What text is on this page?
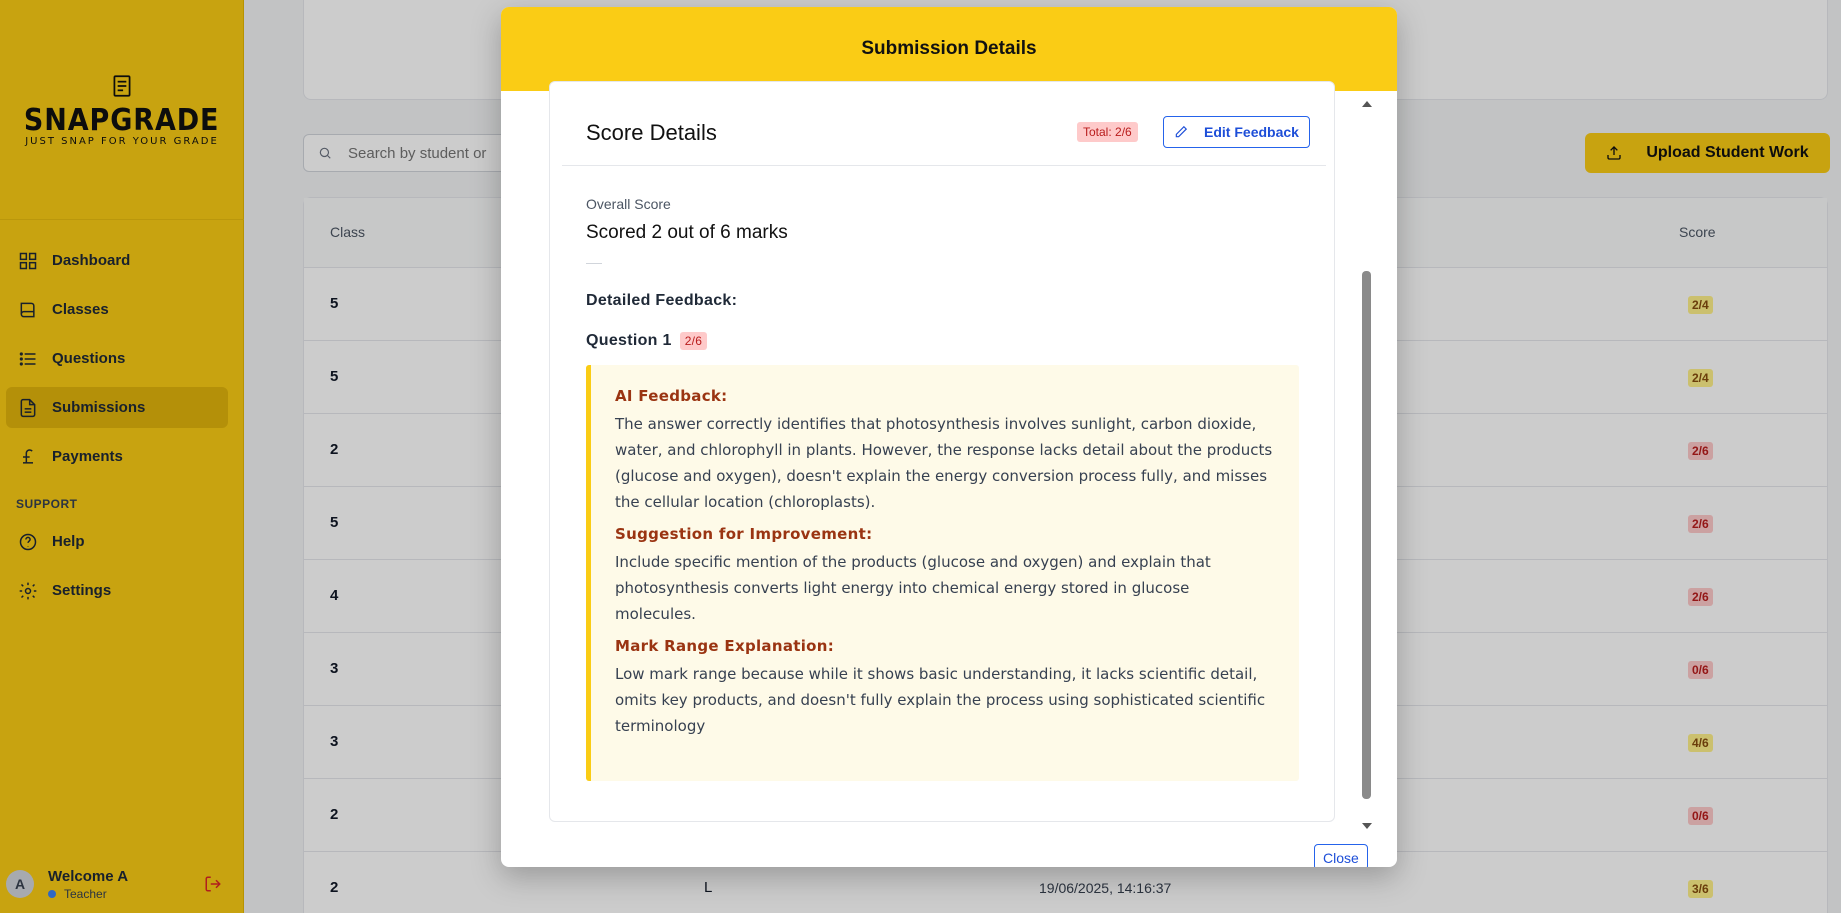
SNAPGRADE
JUST SNAP FOR YOUR GRADE
Dashboard
Classes
Questions
Submissions
Payments
SUPPORT
Help
Settings
A	Welcome A
Teacher
Search by student or
Upload Student Work
Class	Score
5	2/4
5	2/4
2	2/6
5	2/6
4	2/6
3	0/6
3	4/6
2	0/6
2	L	19/06/2025, 14:16:37	3/6
Submission Details
Score Details	Total: 2/6	Edit Feedback
Overall Score
Scored 2 out of 6 marks
Detailed Feedback:
Question 1	2/6
AI Feedback:
The answer correctly identifies that photosynthesis involves sunlight, carbon dioxide, water, and chlorophyll in plants. However, the response lacks detail about the products (glucose and oxygen), doesn't explain the energy conversion process fully, and misses the cellular location (chloroplasts).
Suggestion for Improvement:
Include specific mention of the products (glucose and oxygen) and explain that photosynthesis converts light energy into chemical energy stored in glucose molecules.
Mark Range Explanation:
Low mark range because while it shows basic understanding, it lacks scientific detail, omits key products, and doesn't fully explain the process using sophisticated scientific terminology
Close
